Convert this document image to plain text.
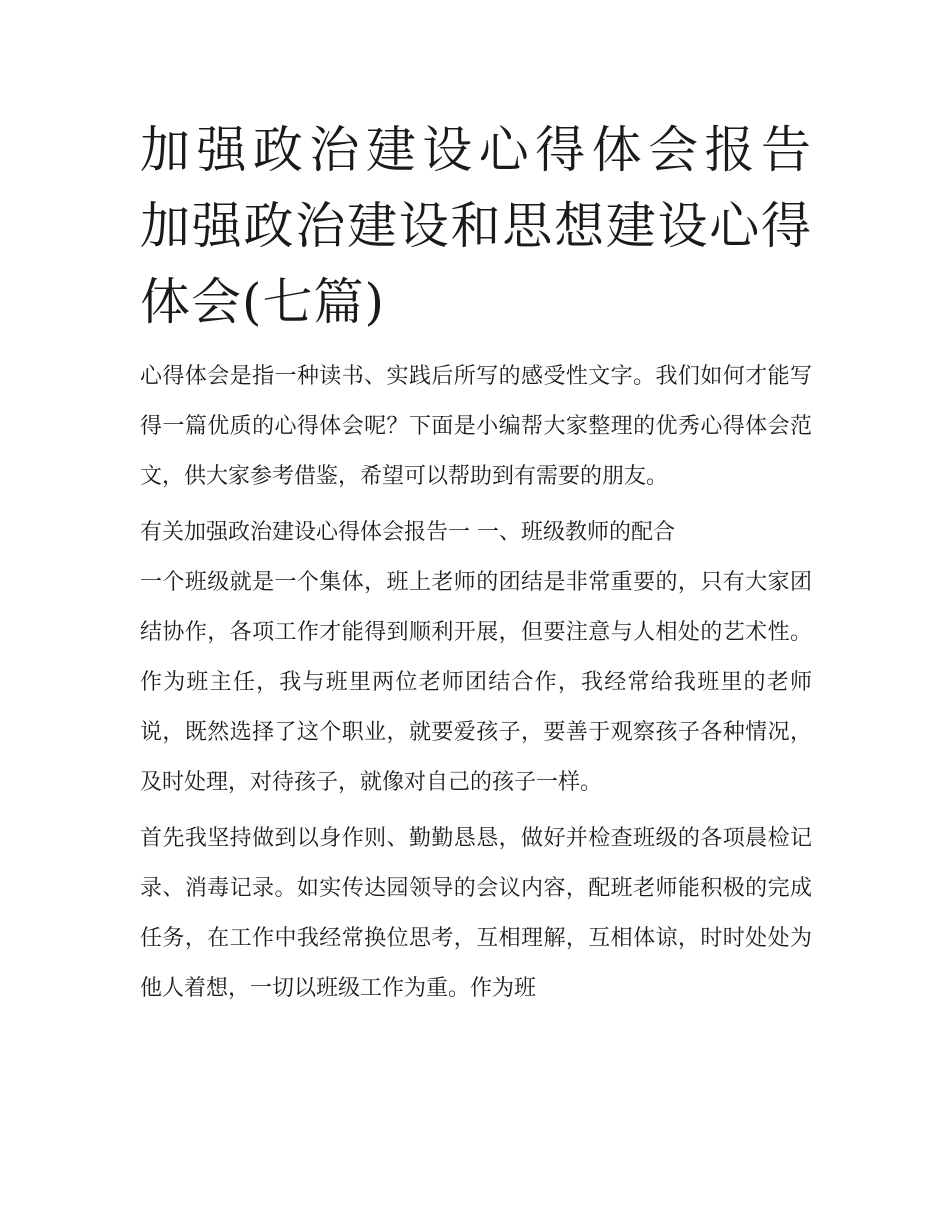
加强政治建设心得体会报告 加强政治建设和思想建设心得体会(七篇)

心得体会是指一种读书、实践后所写的感受性文字。我们如何才能写得一篇优质的心得体会呢？下面是小编帮大家整理的优秀心得体会范文，供大家参考借鉴，希望可以帮助到有需要的朋友。

有关加强政治建设心得体会报告一 一、班级教师的配合

一个班级就是一个集体，班上老师的团结是非常重要的，只有大家团结协作，各项工作才能得到顺利开展，但要注意与人相处的艺术性。作为班主任，我与班里两位老师团结合作，我经常给我班里的老师说，既然选择了这个职业，就要爱孩子，要善于观察孩子各种情况，及时处理，对待孩子，就像对自己的孩子一样。

首先我坚持做到以身作则、勤勤恳恳，做好并检查班级的各项晨检记录、消毒记录。如实传达园领导的会议内容，配班老师能积极的完成任务，在工作中我经常换位思考，互相理解，互相体谅，时时处处为他人着想，一切以班级工作为重。作为班
